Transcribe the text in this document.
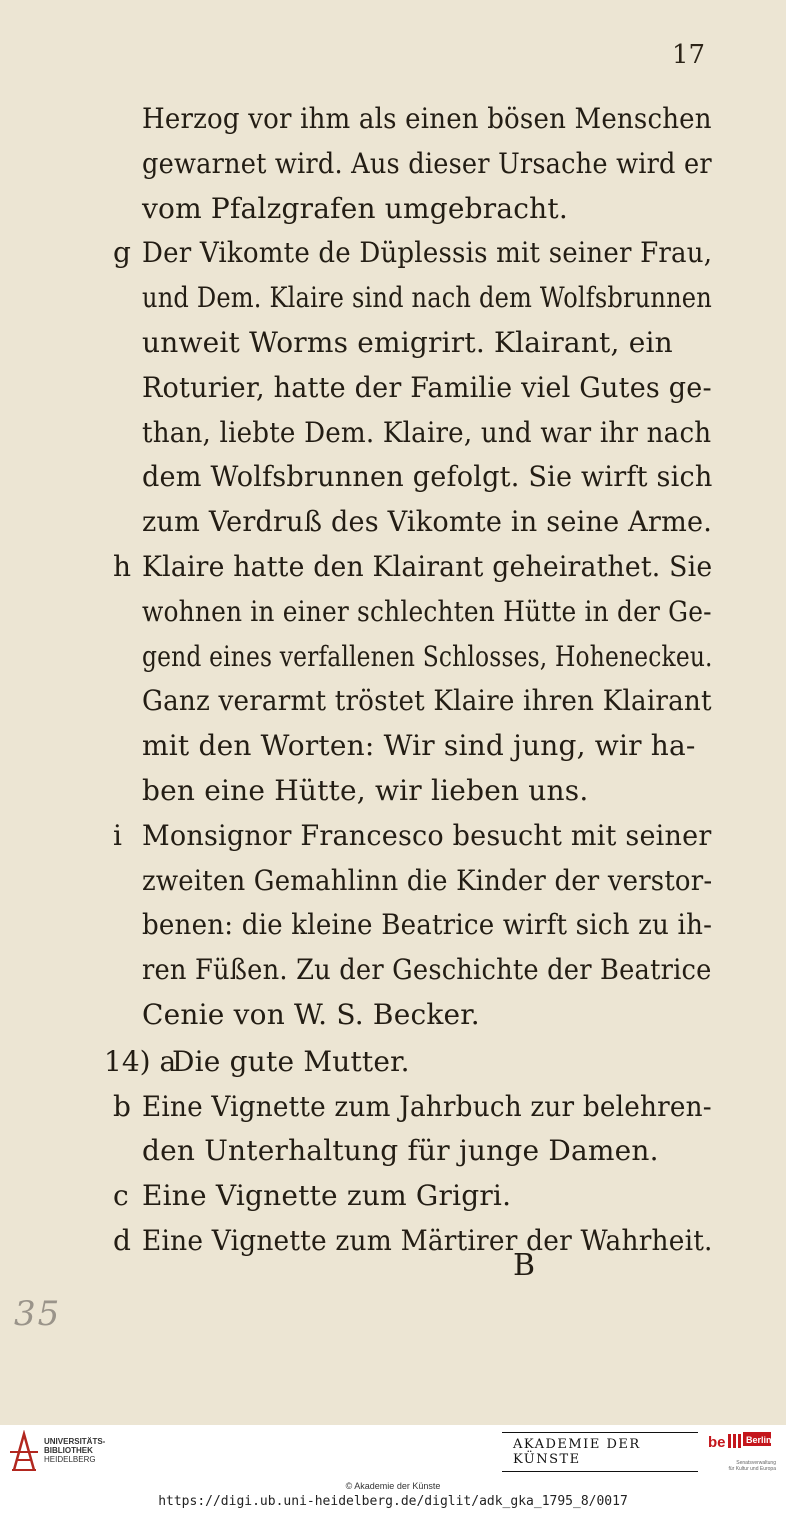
17
Herzog vor ihm als einen bösen Menschen
gewarnet wird. Aus dieser Ursache wird er
vom Pfalzgrafen umgebracht.
g Der Vikomte de Düplessis mit seiner Frau,
und Dem. Klaire sind nach dem Wolfsbrunnen
unweit Worms emigrirt. Klairant, ein
Roturier, hatte der Familie viel Gutes ge-
than, liebte Dem. Klaire, und war ihr nach
dem Wolfsbrunnen gefolgt. Sie wirft sich
zum Verdruß des Vikomte in seine Arme.
h Klaire hatte den Klairant geheirathet. Sie
wohnen in einer schlechten Hütte in der Ge-
gend eines verfallenen Schlosses, Hoheneckeu.
Ganz verarmt tröstet Klaire ihren Klairant
mit den Worten: Wir sind jung, wir ha-
ben eine Hütte, wir lieben uns.
i Monsignor Francesco besucht mit seiner
zweiten Gemahlinn die Kinder der verstor-
benen: die kleine Beatrice wirft sich zu ih-
ren Füßen. Zu der Geschichte der Beatrice
Cenie von W. S. Becker.
14) a
Die gute Mutter.
b Eine Vignette zum Jahrbuch zur belehren-
den Unterhaltung für junge Damen.
c Eine Vignette zum Grigri.
d Eine Vignette zum Märtirer der Wahrheit.
B
35
UNIVERSITÄTS-
BIBLIOTHEK
HEIDELBERG
AKADEMIE DER KÜNSTE
be Berlin
Senatsverwaltung
für Kultur und Europa
© Akademie der Künste
https://digi.ub.uni-heidelberg.de/diglit/adk_gka_1795_8/0017
